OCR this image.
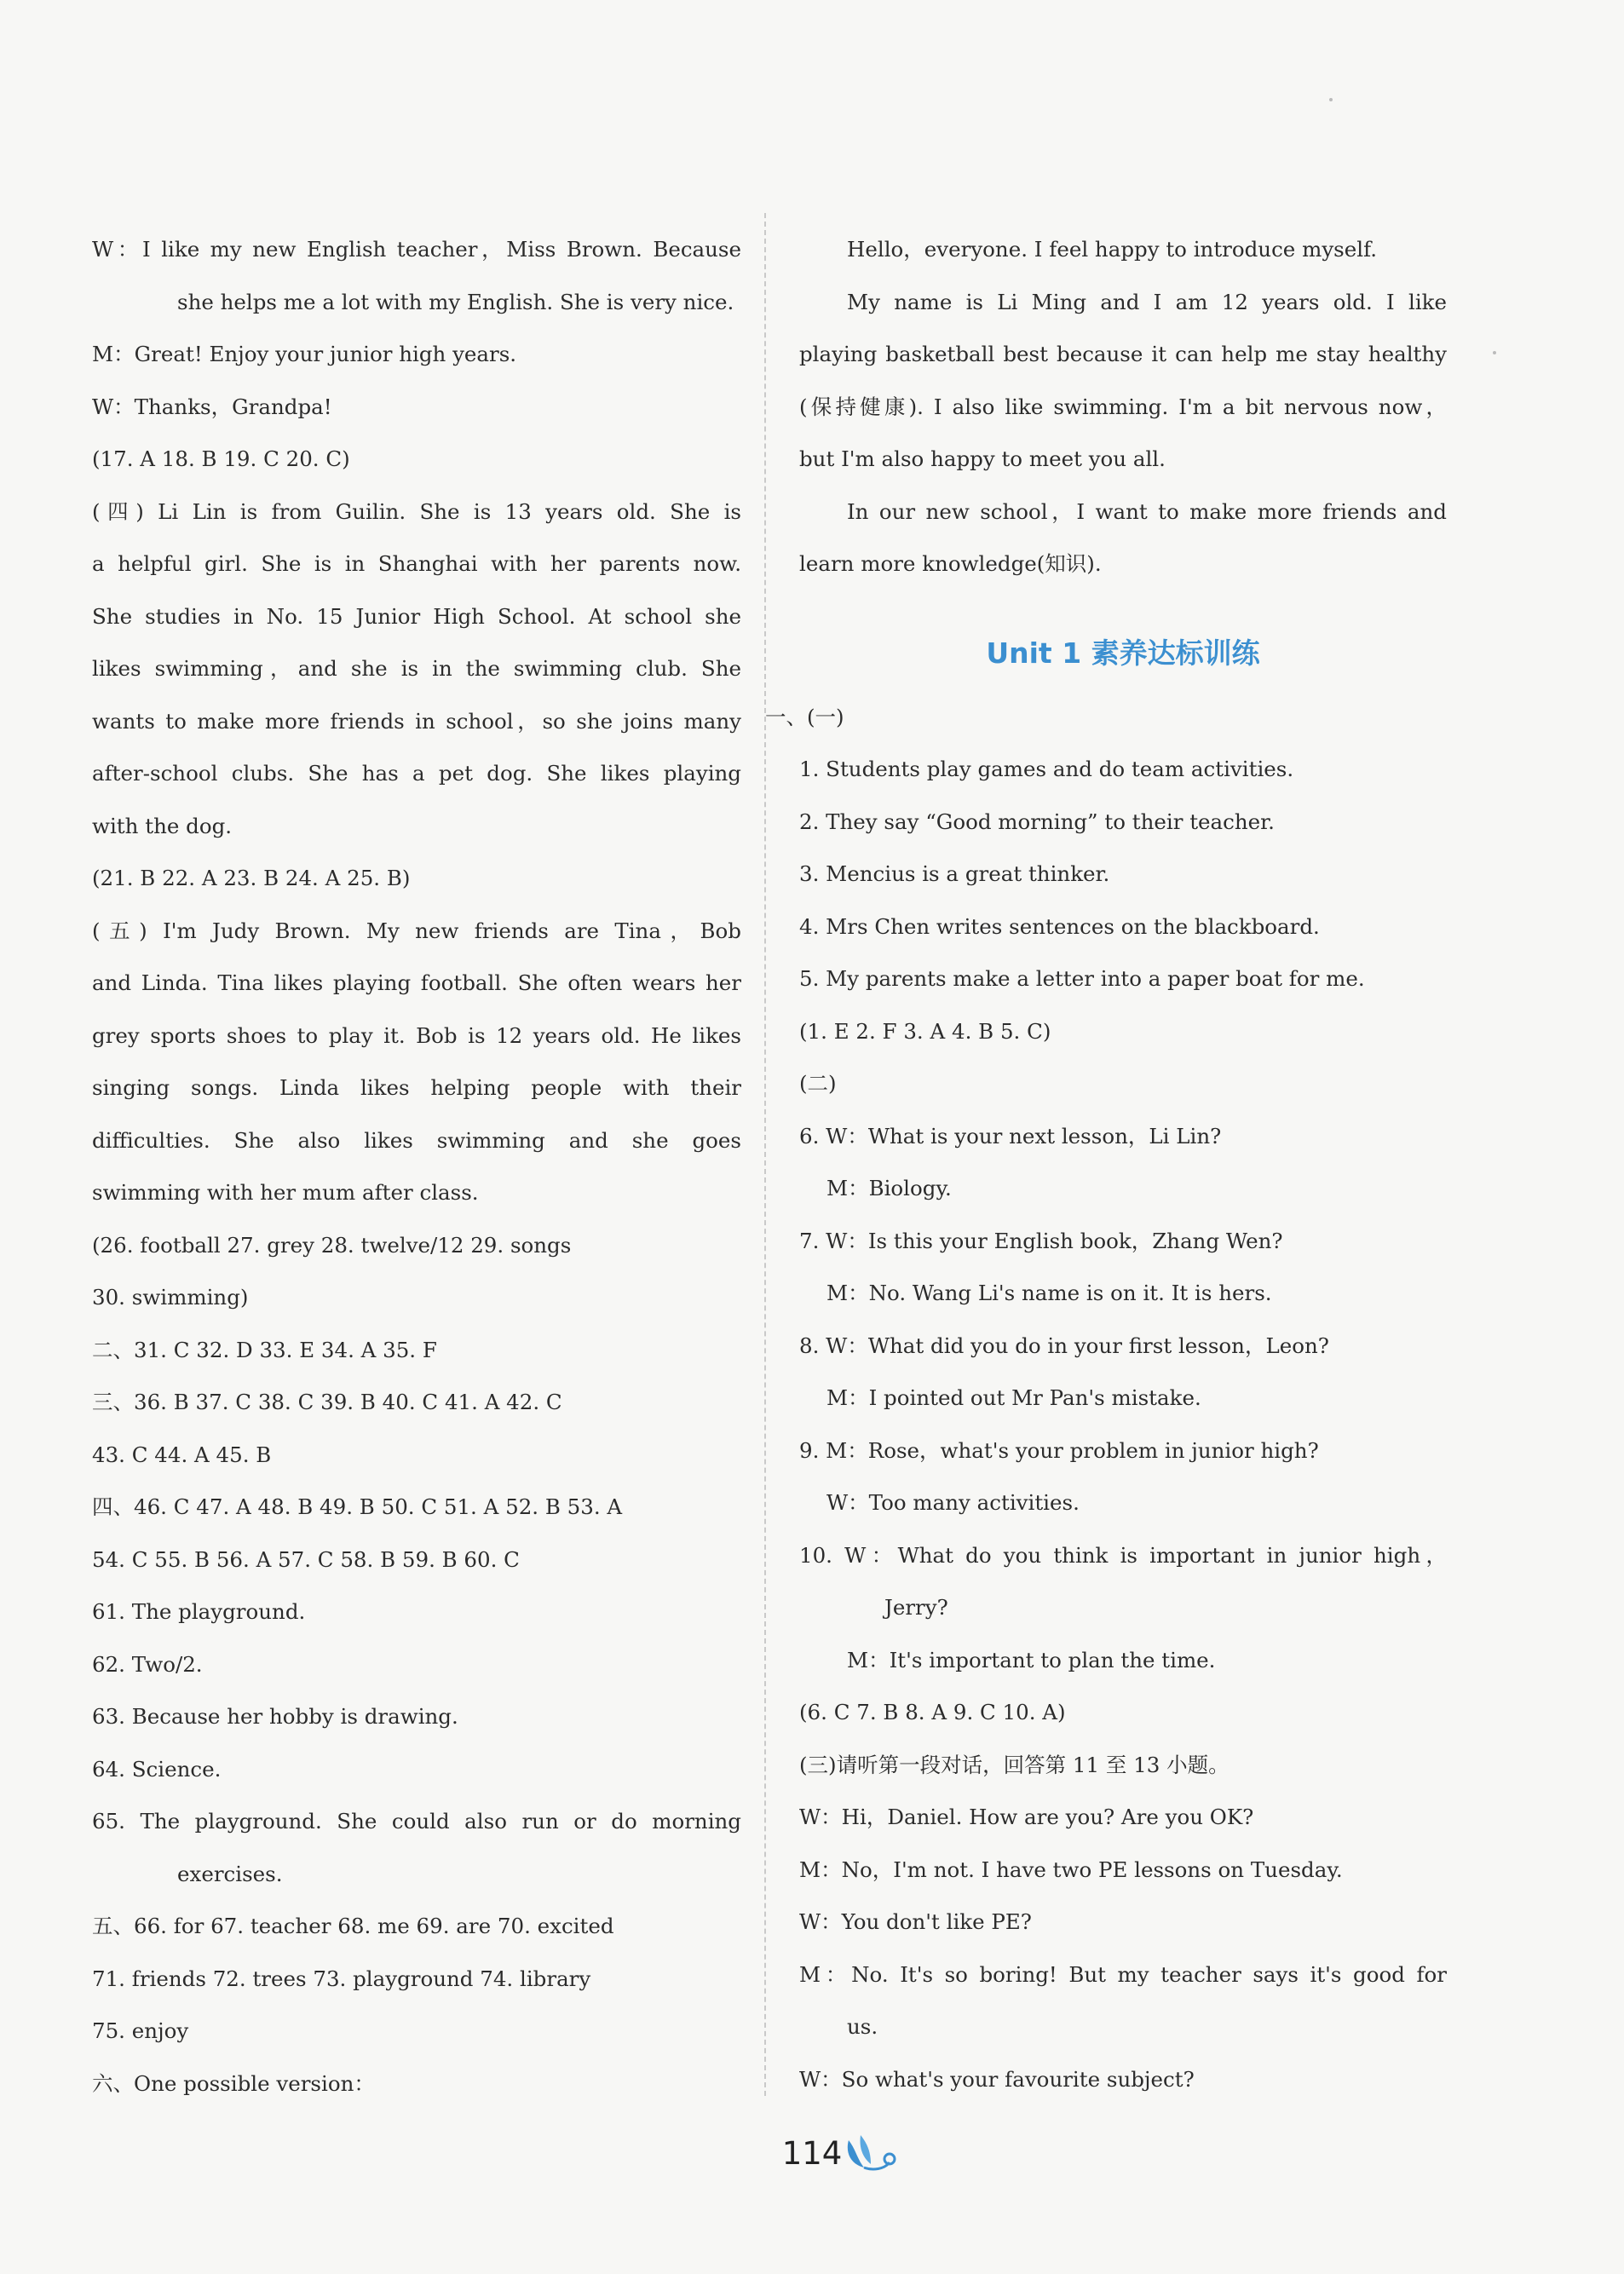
W：I like my new English teacher，Miss Brown. Because
she helps me a lot with my English. She is very nice.
M：Great! Enjoy your junior high years.
W：Thanks，Grandpa!
(17. A 18. B 19. C 20. C)
(四) Li Lin is from Guilin. She is 13 years old. She is
a helpful girl. She is in Shanghai with her parents now.
She studies in No. 15 Junior High School. At school she
likes swimming，and she is in the swimming club. She
wants to make more friends in school，so she joins many
after-school clubs. She has a pet dog. She likes playing
with the dog.
(21. B 22. A 23. B 24. A 25. B)
(五) I'm Judy Brown. My new friends are Tina，Bob
and Linda. Tina likes playing football. She often wears her
grey sports shoes to play it. Bob is 12 years old. He likes
singing songs. Linda likes helping people with their
difficulties. She also likes swimming and she goes
swimming with her mum after class.
(26. football 27. grey 28. twelve/12 29. songs
30. swimming)
二、31. C 32. D 33. E 34. A 35. F
三、36. B 37. C 38. C 39. B 40. C 41. A 42. C
43. C 44. A 45. B
四、46. C 47. A 48. B 49. B 50. C 51. A 52. B 53. A
54. C 55. B 56. A 57. C 58. B 59. B 60. C
61. The playground.
62. Two/2.
63. Because her hobby is drawing.
64. Science.
65. The playground. She could also run or do morning
exercises.
五、66. for 67. teacher 68. me 69. are 70. excited
71. friends 72. trees 73. playground 74. library
75. enjoy
六、One possible version：
Hello，everyone. I feel happy to introduce myself.
My name is Li Ming and I am 12 years old. I like
playing basketball best because it can help me stay healthy
(保持健康). I also like swimming. I'm a bit nervous now，
but I'm also happy to meet you all.
In our new school，I want to make more friends and
learn more knowledge(知识).
Unit 1 素养达标训练
一、(一)
1. Students play games and do team activities.
2. They say “Good morning” to their teacher.
3. Mencius is a great thinker.
4. Mrs Chen writes sentences on the blackboard.
5. My parents make a letter into a paper boat for me.
(1. E 2. F 3. A 4. B 5. C)
(二)
6. W：What is your next lesson，Li Lin?
M：Biology.
7. W：Is this your English book，Zhang Wen?
M：No. Wang Li's name is on it. It is hers.
8. W：What did you do in your first lesson，Leon?
M：I pointed out Mr Pan's mistake.
9. M：Rose，what's your problem in junior high?
W：Too many activities.
10. W：What do you think is important in junior high，
Jerry?
M：It's important to plan the time.
(6. C 7. B 8. A 9. C 10. A)
(三)请听第一段对话，回答第 11 至 13 小题。
W：Hi，Daniel. How are you? Are you OK?
M：No，I'm not. I have two PE lessons on Tuesday.
W：You don't like PE?
M：No. It's so boring! But my teacher says it's good for
us.
W：So what's your favourite subject?
114
